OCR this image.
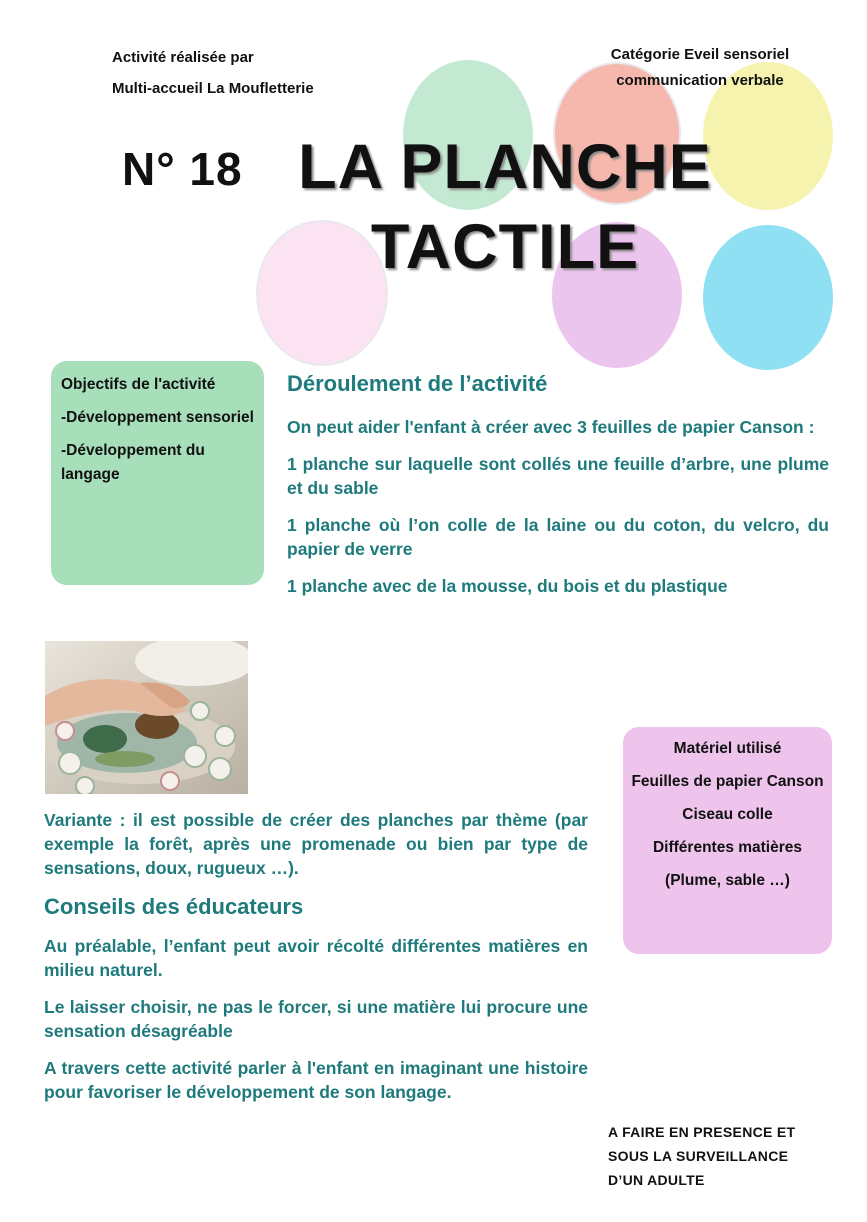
Activité réalisée par
Multi-accueil La Moufletterie
Catégorie Eveil sensoriel
communication verbale
N° 18 LA PLANCHE
TACTILE
Objectifs de l'activité
-Développement sensoriel
-Développement du langage
Déroulement de l’activité

On peut aider l'enfant à créer avec 3 feuilles de papier Canson :

1 planche sur laquelle sont collés une feuille d’arbre, une plume et du sable

1 planche où l’on colle de la laine ou du coton, du velcro, du papier de verre

1 planche avec de la mousse, du bois et du plastique

Variante : il est possible de créer des planches par thème (par exemple la forêt, après une promenade ou bien par type de sensations, doux, rugueux …).

Conseils des éducateurs

Au préalable, l’enfant peut avoir récolté différentes matières en milieu naturel.

Le laisser choisir, ne pas le forcer, si une matière lui procure une sensation désagréable

A travers cette activité parler à l'enfant en imaginant une histoire pour favoriser le développement de son langage.

Matériel utilisé
Feuilles de papier Canson
Ciseau colle
Différentes matières
(Plume, sable …)
A FAIRE EN PRESENCE ET
SOUS LA SURVEILLANCE
D’UN ADULTE
